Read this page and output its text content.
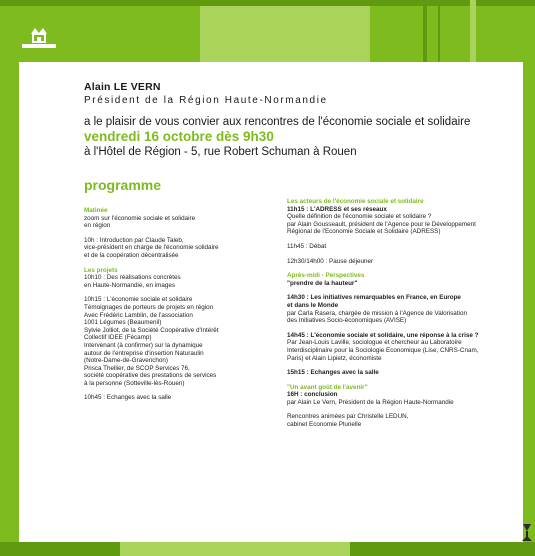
Alain LE VERN
Président de la Région Haute-Normandie
a le plaisir de vous convier aux rencontres de l'économie sociale et solidaire
vendredi 16 octobre dès 9h30
à l'Hôtel de Région - 5, rue Robert Schuman à Rouen
programme
Matinée
zoom sur l'économie sociale et solidaire
en région
10h : Introduction par Claude Taleb,
vice-président en charge de l'économie solidaire
et de la coopération décentralisée
Les projets
10h10 : Des réalisations concrètes
en Haute-Normandie, en images
10h15 : L'économie sociale et solidaire
Témoignages de porteurs de projets en région
Avec Frédéric Lamblin, de l'association
1001 Légumes (Beaumenil)
Sylvie Jolliot, de la Société Coopérative d'Intérêt
Collectif IDEE (Fécamp)
Intervenant (à confirmer) sur la dynamique
autour de l'entreprise d'insertion Naturaulin
(Notre-Dame-de-Gravenchon)
Prisca Thellier, de SCOP Services 76,
société coopérative des prestations de services
à la personne (Sotteville-lès-Rouen)
10h45 : Echanges avec la salle
Les acteurs de l'économie sociale et solidaire
11h15 : L'ADRESS et ses réseaux
Quelle définition de l'économie sociale et solidaire ?
par Alain Gousseault, président de l'Agence pour le Développement
Régional de l'Economie Sociale et Solidaire (ADRESS)
11h45 : Débat
12h30/14h00 : Pause déjeuner
Après-midi - Perspectives
"prendre de la hauteur"
14h30 : Les initiatives remarquables en France, en Europe
et dans le Monde
par Carla Rasera, chargée de mission à l'Agence de Valorisation
des Initiatives Socio-économiques (AVISE)
14h45 : L'économie sociale et solidaire, une réponse à la crise ?
Par Jean-Louis Laville, sociologue et chercheur au Laboratoire
Interdisciplinaire pour la Sociologie Economique (Lise, CNRS-Cnam,
Paris) et Alain Lipietz, économiste
15h15 : Echanges avec la salle
"Un avant goût de l'avenir"
16H : conclusion
par Alain Le Vern, Président de la Région Haute-Normandie
Rencontres animées par Christelle LEDUN,
cabinet Economie Plurielle
